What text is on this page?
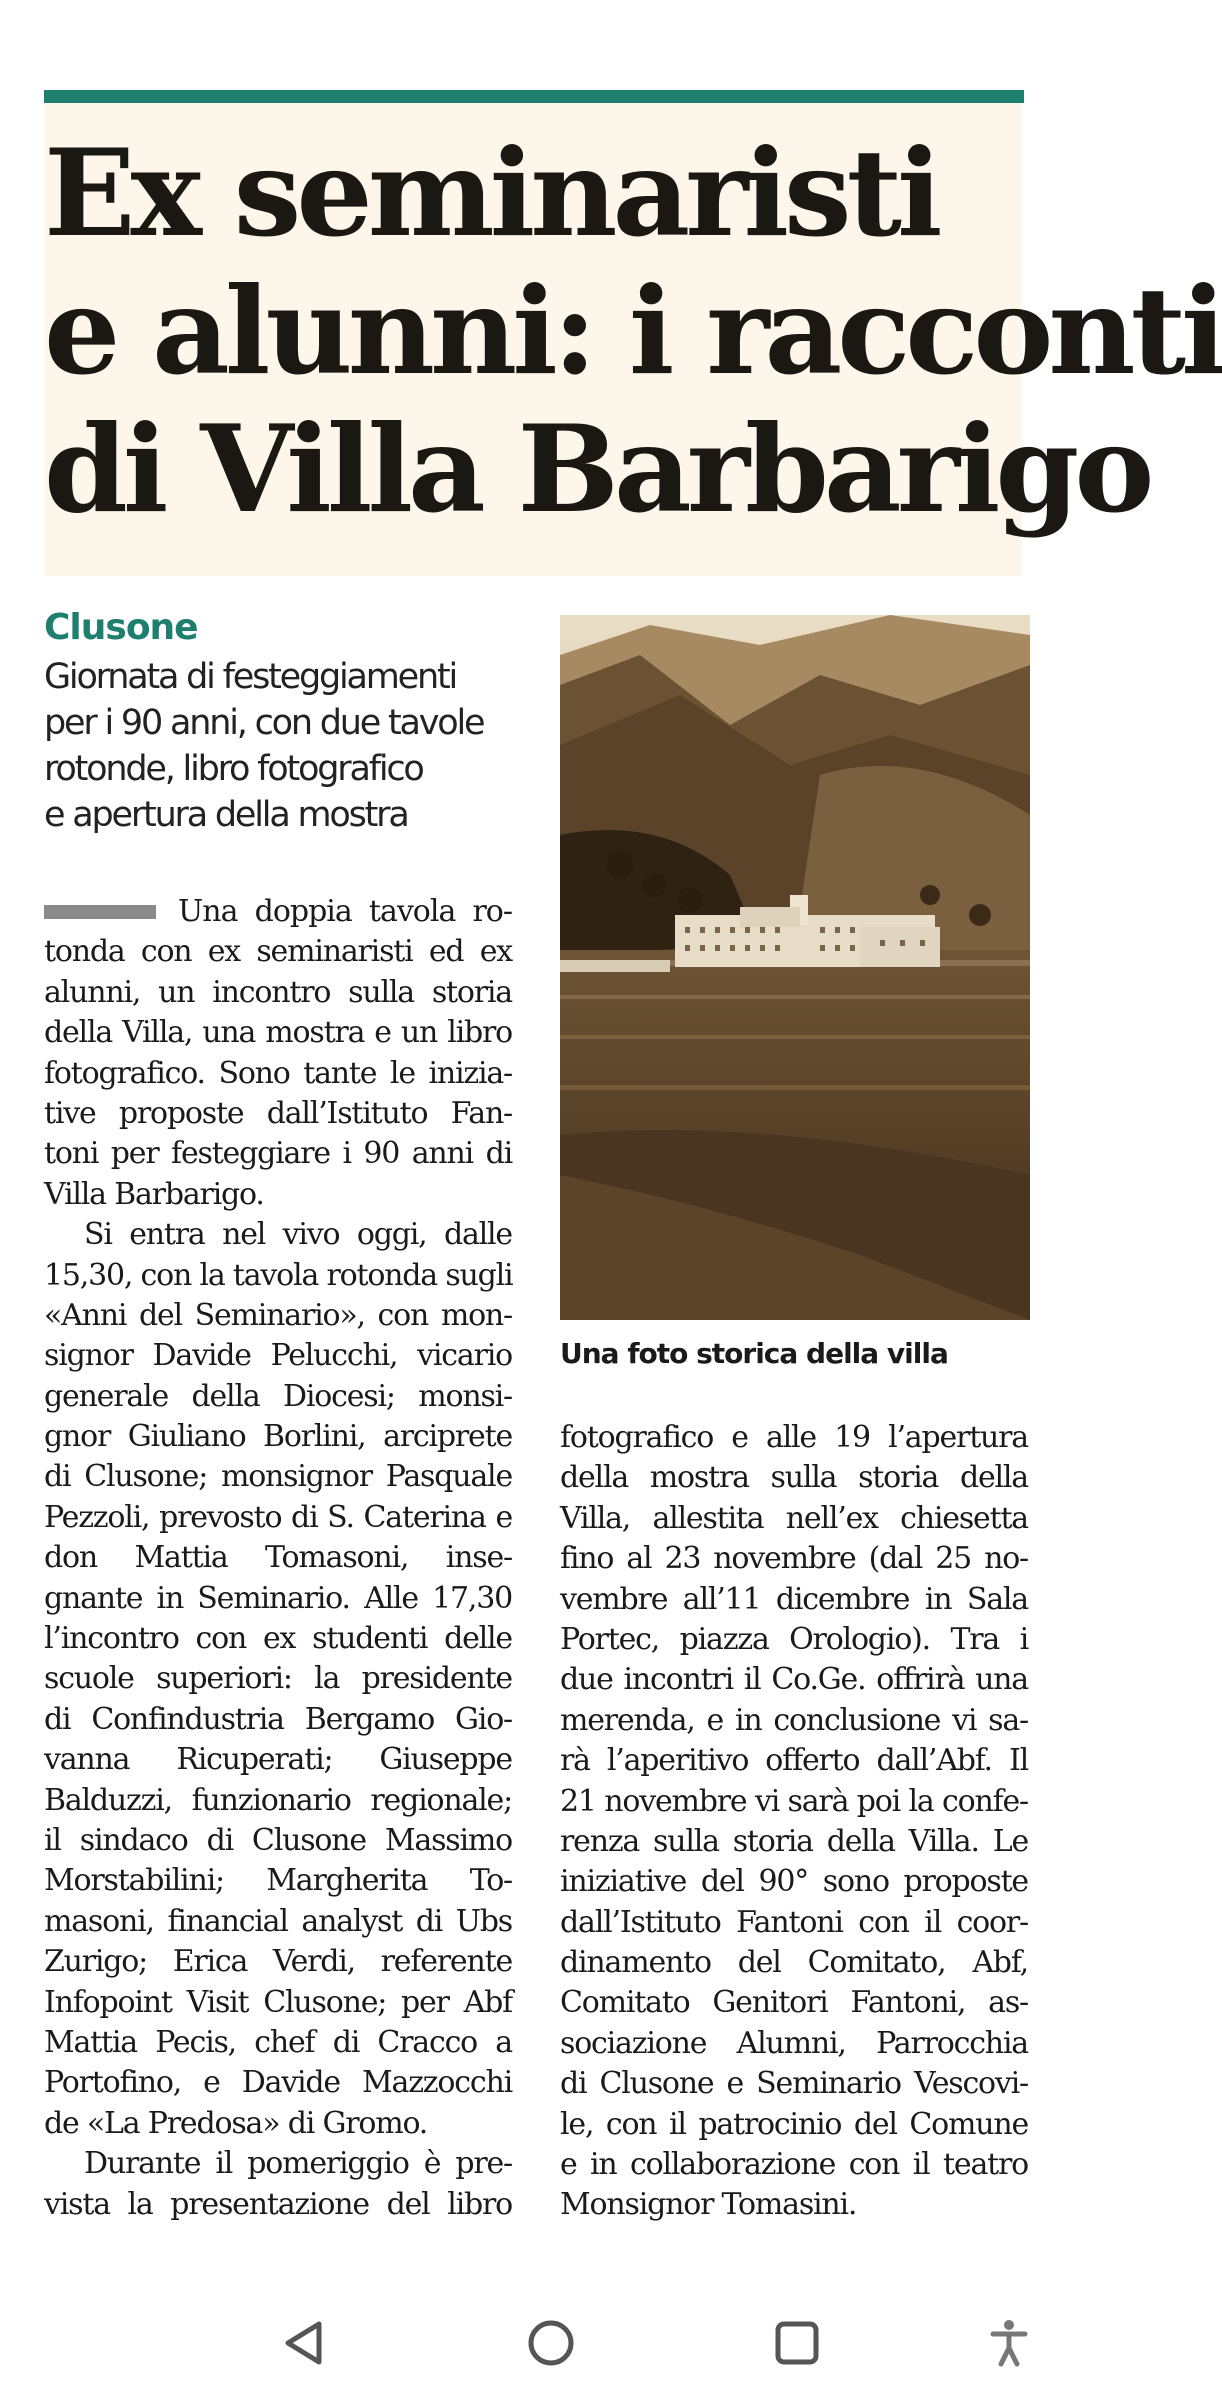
Ex seminaristi
e alunni: i racconti
di Villa Barbarigo
Clusone
Giornata di festeggiamenti
per i 90 anni, con due tavole
rotonde, libro fotografico
e apertura della mostra
Una doppia tavola ro-
tonda con ex seminaristi ed ex
alunni, un incontro sulla storia
della Villa, una mostra e un libro
fotografico. Sono tante le inizia-
tive proposte dall’Istituto Fan-
toni per festeggiare i 90 anni di
Villa Barbarigo.
Si entra nel vivo oggi, dalle
15,30, con la tavola rotonda sugli
«Anni del Seminario», con mon-
signor Davide Pelucchi, vicario
generale della Diocesi; monsi-
gnor Giuliano Borlini, arciprete
di Clusone; monsignor Pasquale
Pezzoli, prevosto di S. Caterina e
don Mattia Tomasoni, inse-
gnante in Seminario. Alle 17,30
l’incontro con ex studenti delle
scuole superiori: la presidente
di Confindustria Bergamo Gio-
vanna Ricuperati; Giuseppe
Balduzzi, funzionario regionale;
il sindaco di Clusone Massimo
Morstabilini; Margherita To-
masoni, financial analyst di Ubs
Zurigo; Erica Verdi, referente
Infopoint Visit Clusone; per Abf
Mattia Pecis, chef di Cracco a
Portofino, e Davide Mazzocchi
de «La Predosa» di Gromo.
Durante il pomeriggio è pre-
vista la presentazione del libro
Una foto storica della villa
fotografico e alle 19 l’apertura
della mostra sulla storia della
Villa, allestita nell’ex chiesetta
fino al 23 novembre (dal 25 no-
vembre all’11 dicembre in Sala
Portec, piazza Orologio). Tra i
due incontri il Co.Ge. offrirà una
merenda, e in conclusione vi sa-
rà l’aperitivo offerto dall’Abf. Il
21 novembre vi sarà poi la confe-
renza sulla storia della Villa. Le
iniziative del 90° sono proposte
dall’Istituto Fantoni con il coor-
dinamento del Comitato, Abf,
Comitato Genitori Fantoni, as-
sociazione Alumni, Parrocchia
di Clusone e Seminario Vescovi-
le, con il patrocinio del Comune
e in collaborazione con il teatro
Monsignor Tomasini.
